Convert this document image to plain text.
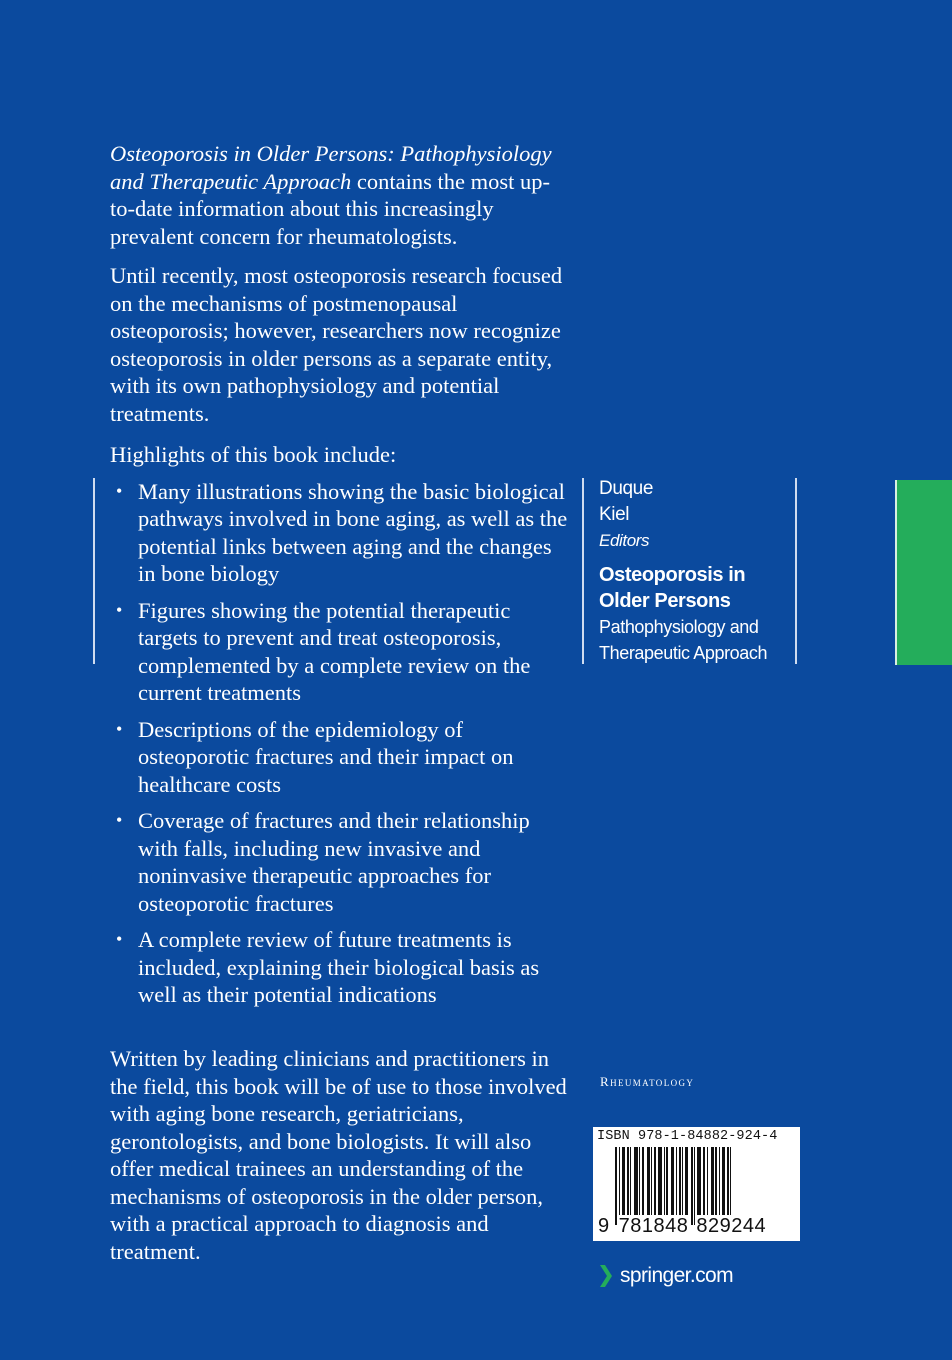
Osteoporosis in Older Persons: Pathophysiology and Therapeutic Approach contains the most up-to-date information about this increasingly prevalent concern for rheumatologists.

Until recently, most osteoporosis research focused on the mechanisms of postmenopausal osteoporosis; however, researchers now recognize osteoporosis in older persons as a separate entity, with its own pathophysiology and potential treatments.

Highlights of this book include:

• Many illustrations showing the basic biological pathways involved in bone aging, as well as the potential links between aging and the changes in bone biology
• Figures showing the potential therapeutic targets to prevent and treat osteoporosis, complemented by a complete review on the current treatments
• Descriptions of the epidemiology of osteoporotic fractures and their impact on healthcare costs
• Coverage of fractures and their relationship with falls, including new invasive and noninvasive therapeutic approaches for osteoporotic fractures
• A complete review of future treatments is included, explaining their biological basis as well as their potential indications

Written by leading clinicians and practitioners in the field, this book will be of use to those involved with aging bone research, geriatricians, gerontologists, and bone biologists. It will also offer medical trainees an understanding of the mechanisms of osteoporosis in the older person, with a practical approach to diagnosis and treatment.

Duque
Kiel
Editors
Osteoporosis in
Older Persons
Pathophysiology and
Therapeutic Approach
Rheumatology
ISBN 978-1-84882-924-4
9 781848 829244
springer.com
